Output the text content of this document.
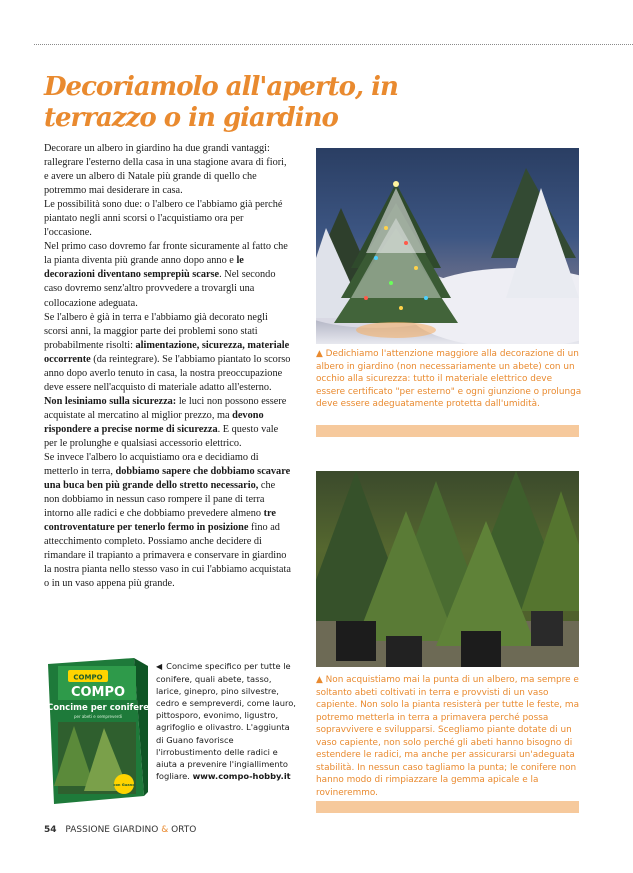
Decoriamolo all'aperto, in terrazzo o in giardino

Decorare un albero in giardino ha due grandi vantaggi: rallegrare l'esterno della casa in una stagione avara di fiori, e avere un albero di Natale più grande di quello che potremmo mai desiderare in casa.

Le possibilità sono due: o l'albero ce l'abbiamo già perché piantato negli anni scorsi o l'acquistiamo ora per l'occasione.

Nel primo caso dovremo far fronte sicuramente al fatto che la pianta diventa più grande anno dopo anno e le decorazioni diventano semprepiù scarse. Nel secondo caso dovremo senz'altro provvedere a trovargli una collocazione adeguata.

Se l'albero è già in terra e l'abbiamo già decorato negli scorsi anni, la maggior parte dei problemi sono stati probabilmente risolti: alimentazione, sicurezza, materiale occorrente (da reintegrare). Se l'abbiamo piantato lo scorso anno dopo averlo tenuto in casa, la nostra preoccupazione deve essere nell'acquisto di materiale adatto all'esterno. Non lesiniamo sulla sicurezza: le luci non possono essere acquistate al mercatino al miglior prezzo, ma devono rispondere a precise norme di sicurezza. E questo vale per le prolunghe e qualsiasi accessorio elettrico.

Se invece l'albero lo acquistiamo ora e decidiamo di metterlo in terra, dobbiamo sapere che dobbiamo scavare una buca ben più grande dello stretto necessario, che non dobbiamo in nessun caso rompere il pane di terra intorno alle radici e che dobbiamo prevedere almeno tre controventature per tenerlo fermo in posizione fino ad attecchimento completo. Possiamo anche decidere di rimandare il trapianto a primavera e conservare in giardino la nostra pianta nello stesso vaso in cui l'abbiamo acquistata o in un vaso appena più grande.

▲ Dedichiamo l'attenzione maggiore alla decorazione di un albero in giardino (non necessariamente un abete) con un occhio alla sicurezza: tutto il materiale elettrico deve essere certificato "per esterno" e ogni giunzione o prolunga deve essere adeguatamente protetta dall'umidità.

▲ Non acquistiamo mai la punta di un albero, ma sempre e soltanto abeti coltivati in terra e provvisti di un vaso capiente. Non solo la pianta resisterà per tutte le feste, ma potremo metterla in terra a primavera perché possa sopravvivere e svilupparsi. Scegliamo piante dotate di un vaso capiente, non solo perché gli abeti hanno bisogno di estendere le radici, ma anche per assicurarsi un'adeguata stabilità. In nessun caso tagliamo la punta; le conifere non hanno modo di rimpiazzare la gemma apicale e la rovineremmo.

COMPO
COMPO
Concime per conifere
per abeti e sempreverdi
con Guano

◀ Concime specifico per tutte le conifere, quali abete, tasso, larice, ginepro, pino silvestre, cedro e sempreverdi, come lauro, pittosporo, evonimo, ligustro, agrifoglio e olivastro. L'aggiunta di Guano favorisce l'irrobustimento delle radici e aiuta a prevenire l'ingiallimento fogliare. www.compo-hobby.it

54 PASSIONE GIARDINO & ORTO
